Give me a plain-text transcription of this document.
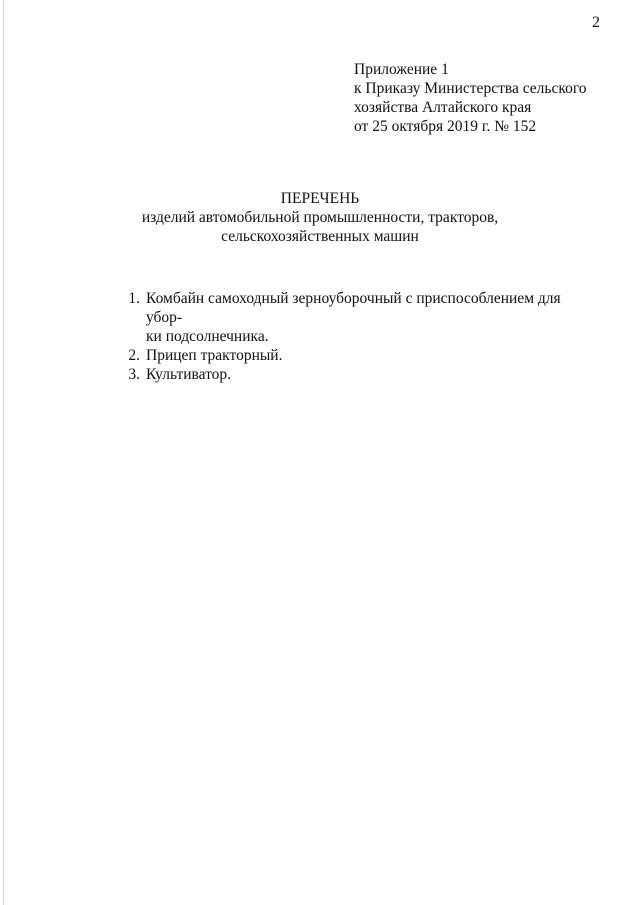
2
Приложение 1
к Приказу Министерства сельского
хозяйства Алтайского края
от 25 октября 2019 г. № 152
ПЕРЕЧЕНЬ
изделий автомобильной промышленности, тракторов,
сельскохозяйственных машин
1. Комбайн самоходный зерноуборочный с приспособлением для убор-
ки подсолнечника.
2. Прицеп тракторный.
3. Культиватор.
